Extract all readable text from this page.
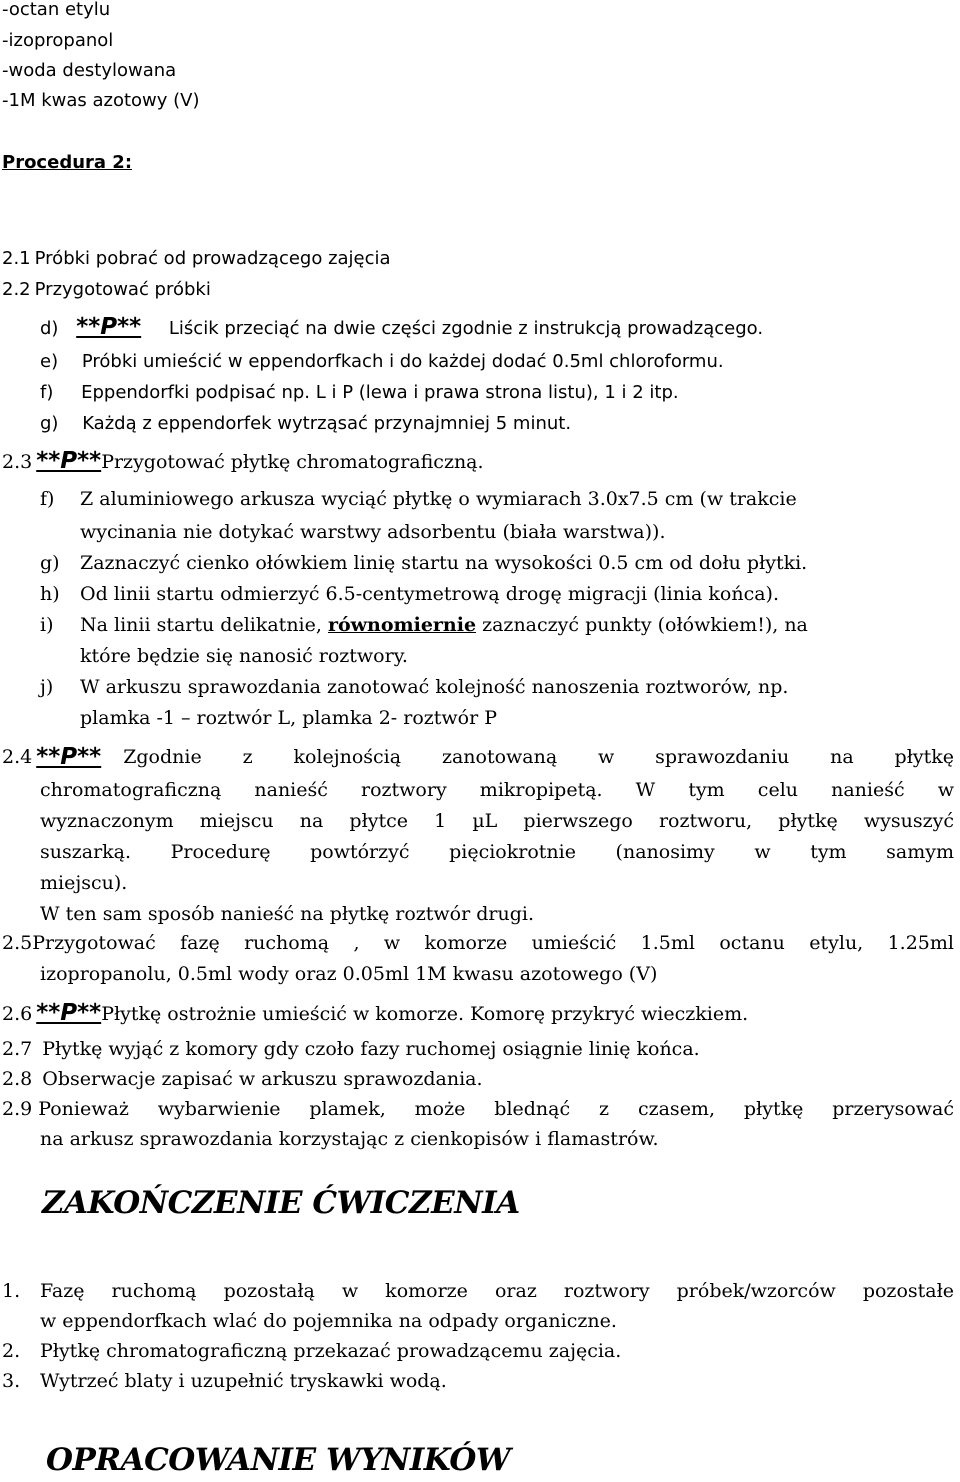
-octan etylu
-izopropanol
-woda destylowana
-1M kwas azotowy (V)
Procedura 2:
2.1 Próbki pobrać od prowadzącego zajęcia
2.2 Przygotować próbki
d) **P** Liścik przeciąć na dwie części zgodnie z instrukcją prowadzącego.
e) Próbki umieścić w eppendorfkach i do każdej dodać 0.5ml chloroformu.
f) Eppendorfki podpisać np. L i P (lewa i prawa strona listu), 1 i 2 itp.
g) Każdą z eppendorfek wytrząsać przynajmniej 5 minut.
2.3 **P**Przygotować płytkę chromatograficzną.
f) Z aluminiowego arkusza wyciąć płytkę o wymiarach 3.0x7.5 cm (w trakcie
wycinania nie dotykać warstwy adsorbentu (biała warstwa)).
g) Zaznaczyć cienko ołówkiem linię startu na wysokości 0.5 cm od dołu płytki.
h) Od linii startu odmierzyć 6.5-centymetrową drogę migracji (linia końca).
i) Na linii startu delikatnie, równomiernie zaznaczyć punkty (ołówkiem!), na
które będzie się nanosić roztwory.
j) W arkuszu sprawozdania zanotować kolejność nanoszenia roztworów, np.
plamka -1 – roztwór L, plamka 2- roztwór P
2.4 **P** Zgodnie z kolejnością zanotowaną w sprawozdaniu na płytkę
chromatograficzną nanieść roztwory mikropipetą. W tym celu nanieść w
wyznaczonym miejscu na płytce 1 µL pierwszego roztworu, płytkę wysuszyć
suszarką. Procedurę powtórzyć pięciokrotnie (nanosimy w tym samym
miejscu).
W ten sam sposób nanieść na płytkę roztwór drugi.
2.5 Przygotować fazę ruchomą , w komorze umieścić 1.5ml octanu etylu, 1.25ml
izopropanolu, 0.5ml wody oraz 0.05ml 1M kwasu azotowego (V)
2.6 **P**Płytkę ostrożnie umieścić w komorze. Komorę przykryć wieczkiem.
2.7 Płytkę wyjąć z komory gdy czoło fazy ruchomej osiągnie linię końca.
2.8 Obserwacje zapisać w arkuszu sprawozdania.
2.9 Ponieważ wybarwienie plamek, może blednąć z czasem, płytkę przerysować
na arkusz sprawozdania korzystając z cienkopisów i flamastrów.
ZAKOŃCZENIE ĆWICZENIA
1.	Fazę ruchomą pozostałą w komorze oraz roztwory próbek/wzorców pozostałe
w eppendorfkach wlać do pojemnika na odpady organiczne.
2. Płytkę chromatograficzną przekazać prowadzącemu zajęcia.
3. Wytrzeć blaty i uzupełnić tryskawki wodą.
OPRACOWANIE WYNIKÓW
